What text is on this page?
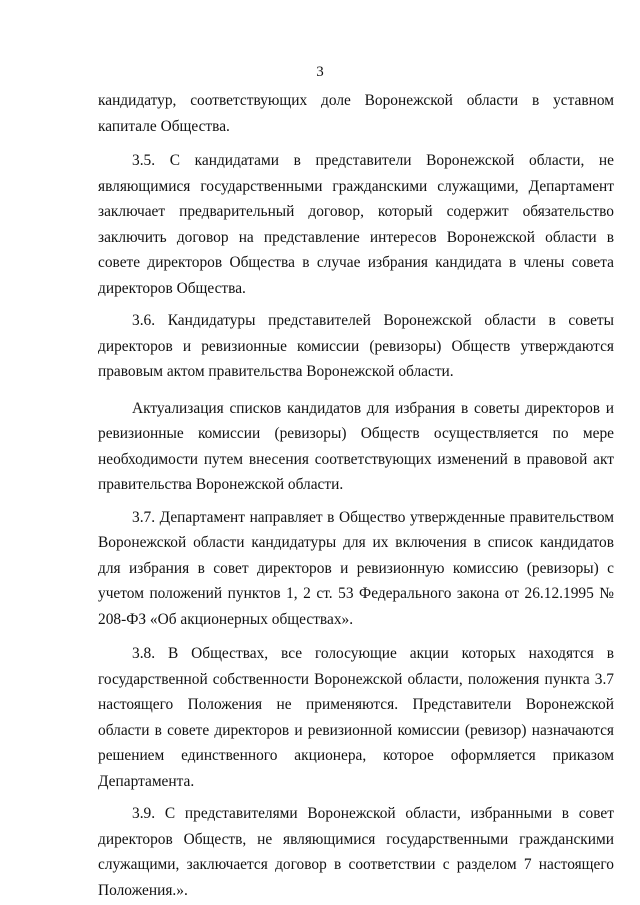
3

кандидатур, соответствующих доле Воронежской области в уставном капитале Общества.

3.5. С кандидатами в представители Воронежской области, не являющимися государственными гражданскими служащими, Департамент заключает предварительный договор, который содержит обязательство заключить договор на представление интересов Воронежской области в совете директоров Общества в случае избрания кандидата в члены совета директоров Общества.

3.6. Кандидатуры представителей Воронежской области в советы директоров и ревизионные комиссии (ревизоры) Обществ утверждаются правовым актом правительства Воронежской области.

Актуализация списков кандидатов для избрания в советы директоров и ревизионные комиссии (ревизоры) Обществ осуществляется по мере необходимости путем внесения соответствующих изменений в правовой акт правительства Воронежской области.

3.7. Департамент направляет в Общество утвержденные правительством Воронежской области кандидатуры для их включения в список кандидатов для избрания в совет директоров и ревизионную комиссию (ревизоры) с учетом положений пунктов 1, 2 ст. 53 Федерального закона от 26.12.1995 № 208-ФЗ «Об акционерных обществах».

3.8. В Обществах, все голосующие акции которых находятся в государственной собственности Воронежской области, положения пункта 3.7 настоящего Положения не применяются. Представители Воронежской области в совете директоров и ревизионной комиссии (ревизор) назначаются решением единственного акционера, которое оформляется приказом Департамента.

3.9. С представителями Воронежской области, избранными в совет директоров Обществ, не являющимися государственными гражданскими служащими, заключается договор в соответствии с разделом 7 настоящего Положения.».
